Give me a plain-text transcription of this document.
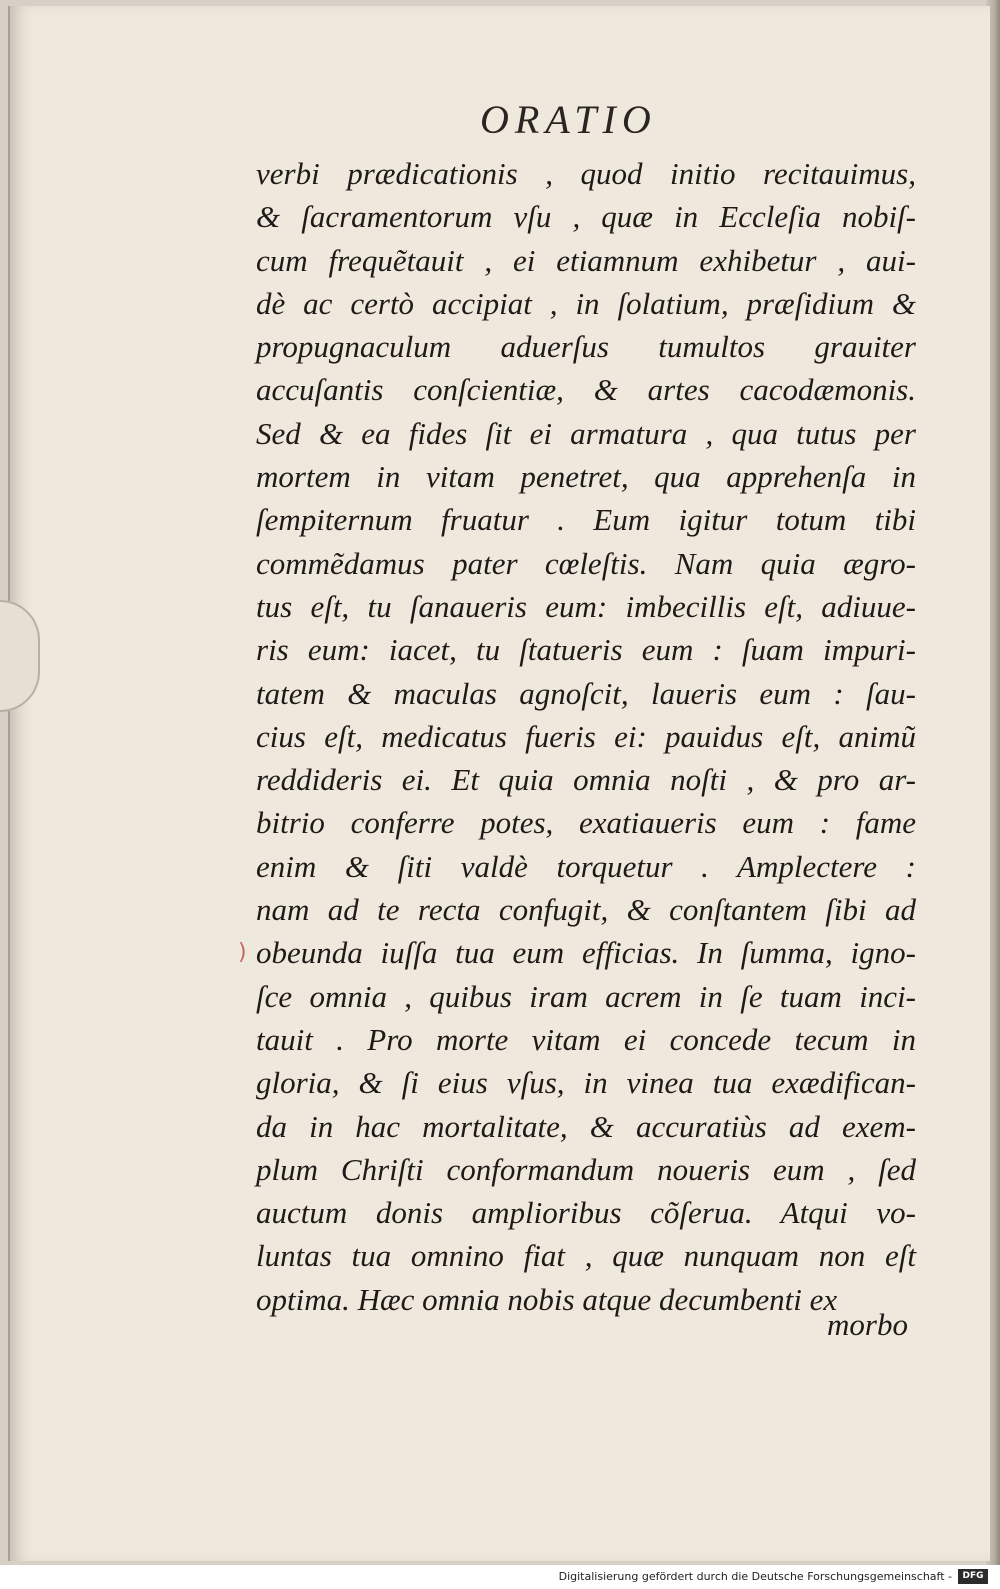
ORATIO
verbi prædicationis , quod initio recitauimus,
& ſacramentorum vſu , quæ in Eccleſia nobiſ-
cum frequẽtauit , ei etiamnum exhibetur , aui-
dè ac certò accipiat , in ſolatium, præſidium &
propugnaculum aduerſus tumultos grauiter
accuſantis conſcientiæ, & artes cacodæmonis.
Sed & ea fides ſit ei armatura , qua tutus per
mortem in vitam penetret, qua apprehenſa in
ſempiternum fruatur . Eum igitur totum tibi
commẽdamus pater cœleſtis. Nam quia ægro-
tus eſt, tu ſanaueris eum: imbecillis eſt, adiuue-
ris eum: iacet, tu ſtatueris eum : ſuam impuri-
tatem & maculas agnoſcit, laueris eum : ſau-
cius eſt, medicatus fueris ei: pauidus eſt, animũ
reddideris ei. Et quia omnia noſti , & pro ar-
bitrio conferre potes, exatiaueris eum : fame
enim & ſiti valdè torquetur . Amplectere :
nam ad te recta confugit, & conſtantem ſibi ad
obeunda iuſſa tua eum efficias. In ſumma, igno-
ſce omnia , quibus iram acrem in ſe tuam inci-
tauit . Pro morte vitam ei concede tecum in
gloria, & ſi eius vſus, in vinea tua exædifican-
da in hac mortalitate, & accuratiùs ad exem-
plum Chriſti conformandum noueris eum , ſed
auctum donis amplioribus cõſerua. Atqui vo-
luntas tua omnino fiat , quæ nunquam non eſt
optima. Hæc omnia nobis atque decumbenti ex
)
morbo
Digitalisierung gefördert durch die Deutsche Forschungsgemeinschaft -	DFG
